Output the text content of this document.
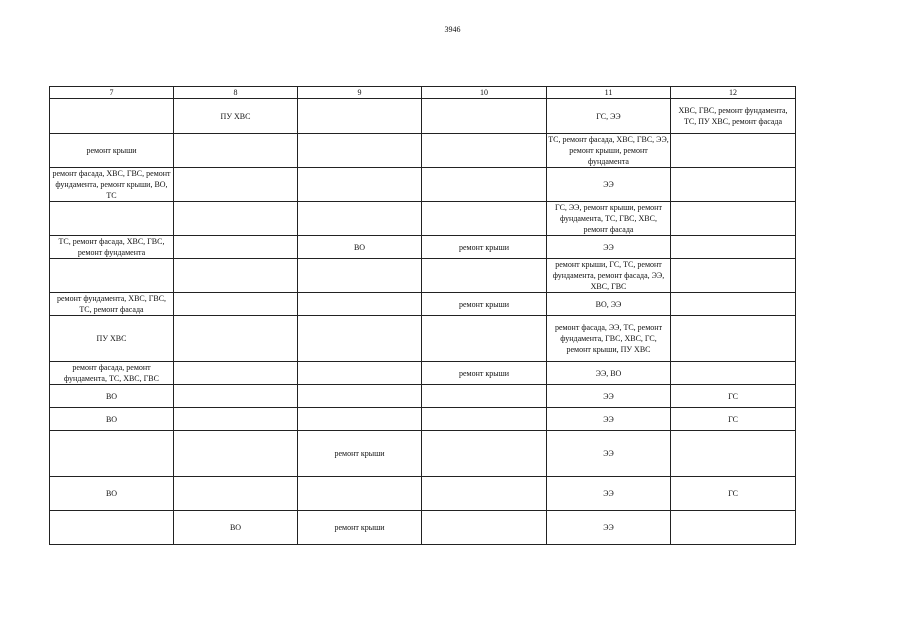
3946
7	8	9	10	11	12
	ПУ ХВС			ГС, ЭЭ	ХВС, ГВС, ремонт фундамента, ТС, ПУ ХВС, ремонт фасада
ремонт крыши				ТС, ремонт фасада, ХВС, ГВС, ЭЭ, ремонт крыши, ремонт фундамента	
ремонт фасада, ХВС, ГВС, ремонт фундамента, ремонт крыши, ВО, ТС				ЭЭ	
				ГС, ЭЭ, ремонт крыши, ремонт фундамента, ТС, ГВС, ХВС, ремонт фасада	
ТС, ремонт фасада, ХВС, ГВС, ремонт фундамента		ВО	ремонт крыши	ЭЭ	
				ремонт крыши, ГС, ТС, ремонт фундамента, ремонт фасада, ЭЭ, ХВС, ГВС	
ремонт фундамента, ХВС, ГВС, ТС, ремонт фасада			ремонт крыши	ВО, ЭЭ	
ПУ ХВС				ремонт фасада, ЭЭ, ТС, ремонт фундамента, ГВС, ХВС, ГС, ремонт крыши, ПУ ХВС	
ремонт фасада, ремонт фундамента, ТС, ХВС, ГВС			ремонт крыши	ЭЭ, ВО	
ВО				ЭЭ	ГС
ВО				ЭЭ	ГС
		ремонт крыши		ЭЭ	
ВО				ЭЭ	ГС
	ВО	ремонт крыши		ЭЭ	
